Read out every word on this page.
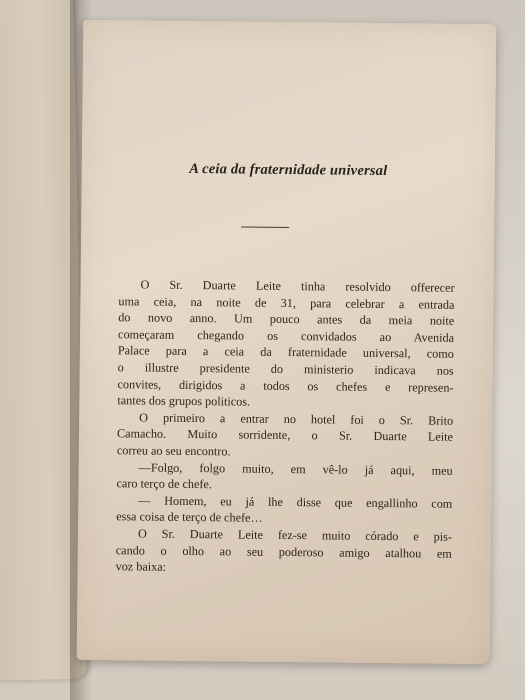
A ceia da fraternidade universal
O Sr. Duarte Leite tinha resolvido offerecer
uma ceia, na noite de 31, para celebrar a entrada
do novo anno. Um pouco antes da meia noite
começaram chegando os convidados ao Avenida
Palace para a ceia da fraternidade universal, como
o illustre presidente do ministerio indicava nos
convites, dirigidos a todos os chefes e represen-
tantes dos grupos politicos.
O primeiro a entrar no hotel foi o Sr. Brito
Camacho. Muito sorridente, o Sr. Duarte Leite
correu ao seu encontro.
—Folgo, folgo muito, em vê-lo já aqui, meu
caro terço de chefe.
— Homem, eu já lhe disse que engallinho com
essa coisa de terço de chefe…
O Sr. Duarte Leite fez-se muito córado e pis-
cando o olho ao seu poderoso amigo atalhou em
voz baixa:
